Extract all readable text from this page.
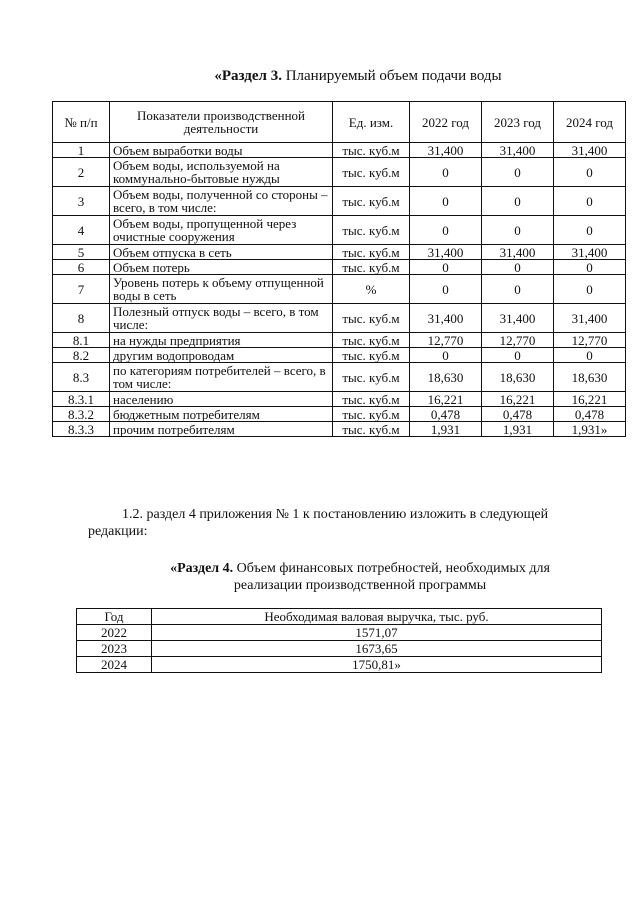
«Раздел 3. Планируемый объем подачи воды
№ п/п	Показатели производственной деятельности	Ед. изм.	2022 год	2023 год	2024 год
1	Объем выработки воды	тыс. куб.м	31,400	31,400	31,400
2	Объем воды, используемой на коммунально-бытовые нужды	тыс. куб.м	0	0	0
3	Объем воды, полученной со стороны – всего, в том числе:	тыс. куб.м	0	0	0
4	Объем воды, пропущенной через очистные сооружения	тыс. куб.м	0	0	0
5	Объем отпуска в сеть	тыс. куб.м	31,400	31,400	31,400
6	Объем потерь	тыс. куб.м	0	0	0
7	Уровень потерь к объему отпущенной воды в сеть	%	0	0	0
8	Полезный отпуск воды – всего, в том числе:	тыс. куб.м	31,400	31,400	31,400
8.1	на нужды предприятия	тыс. куб.м	12,770	12,770	12,770
8.2	другим водопроводам	тыс. куб.м	0	0	0
8.3	по категориям потребителей – всего, в том числе:	тыс. куб.м	18,630	18,630	18,630
8.3.1	населению	тыс. куб.м	16,221	16,221	16,221
8.3.2	бюджетным потребителям	тыс. куб.м	0,478	0,478	0,478
8.3.3	прочим потребителям	тыс. куб.м	1,931	1,931	1,931»
1.2. раздел 4 приложения № 1 к постановлению изложить в следующей
редакции:
«Раздел 4. Объем финансовых потребностей, необходимых для реализации производственной программы
Год	Необходимая валовая выручка, тыс. руб.
2022	1571,07
2023	1673,65
2024	1750,81»
